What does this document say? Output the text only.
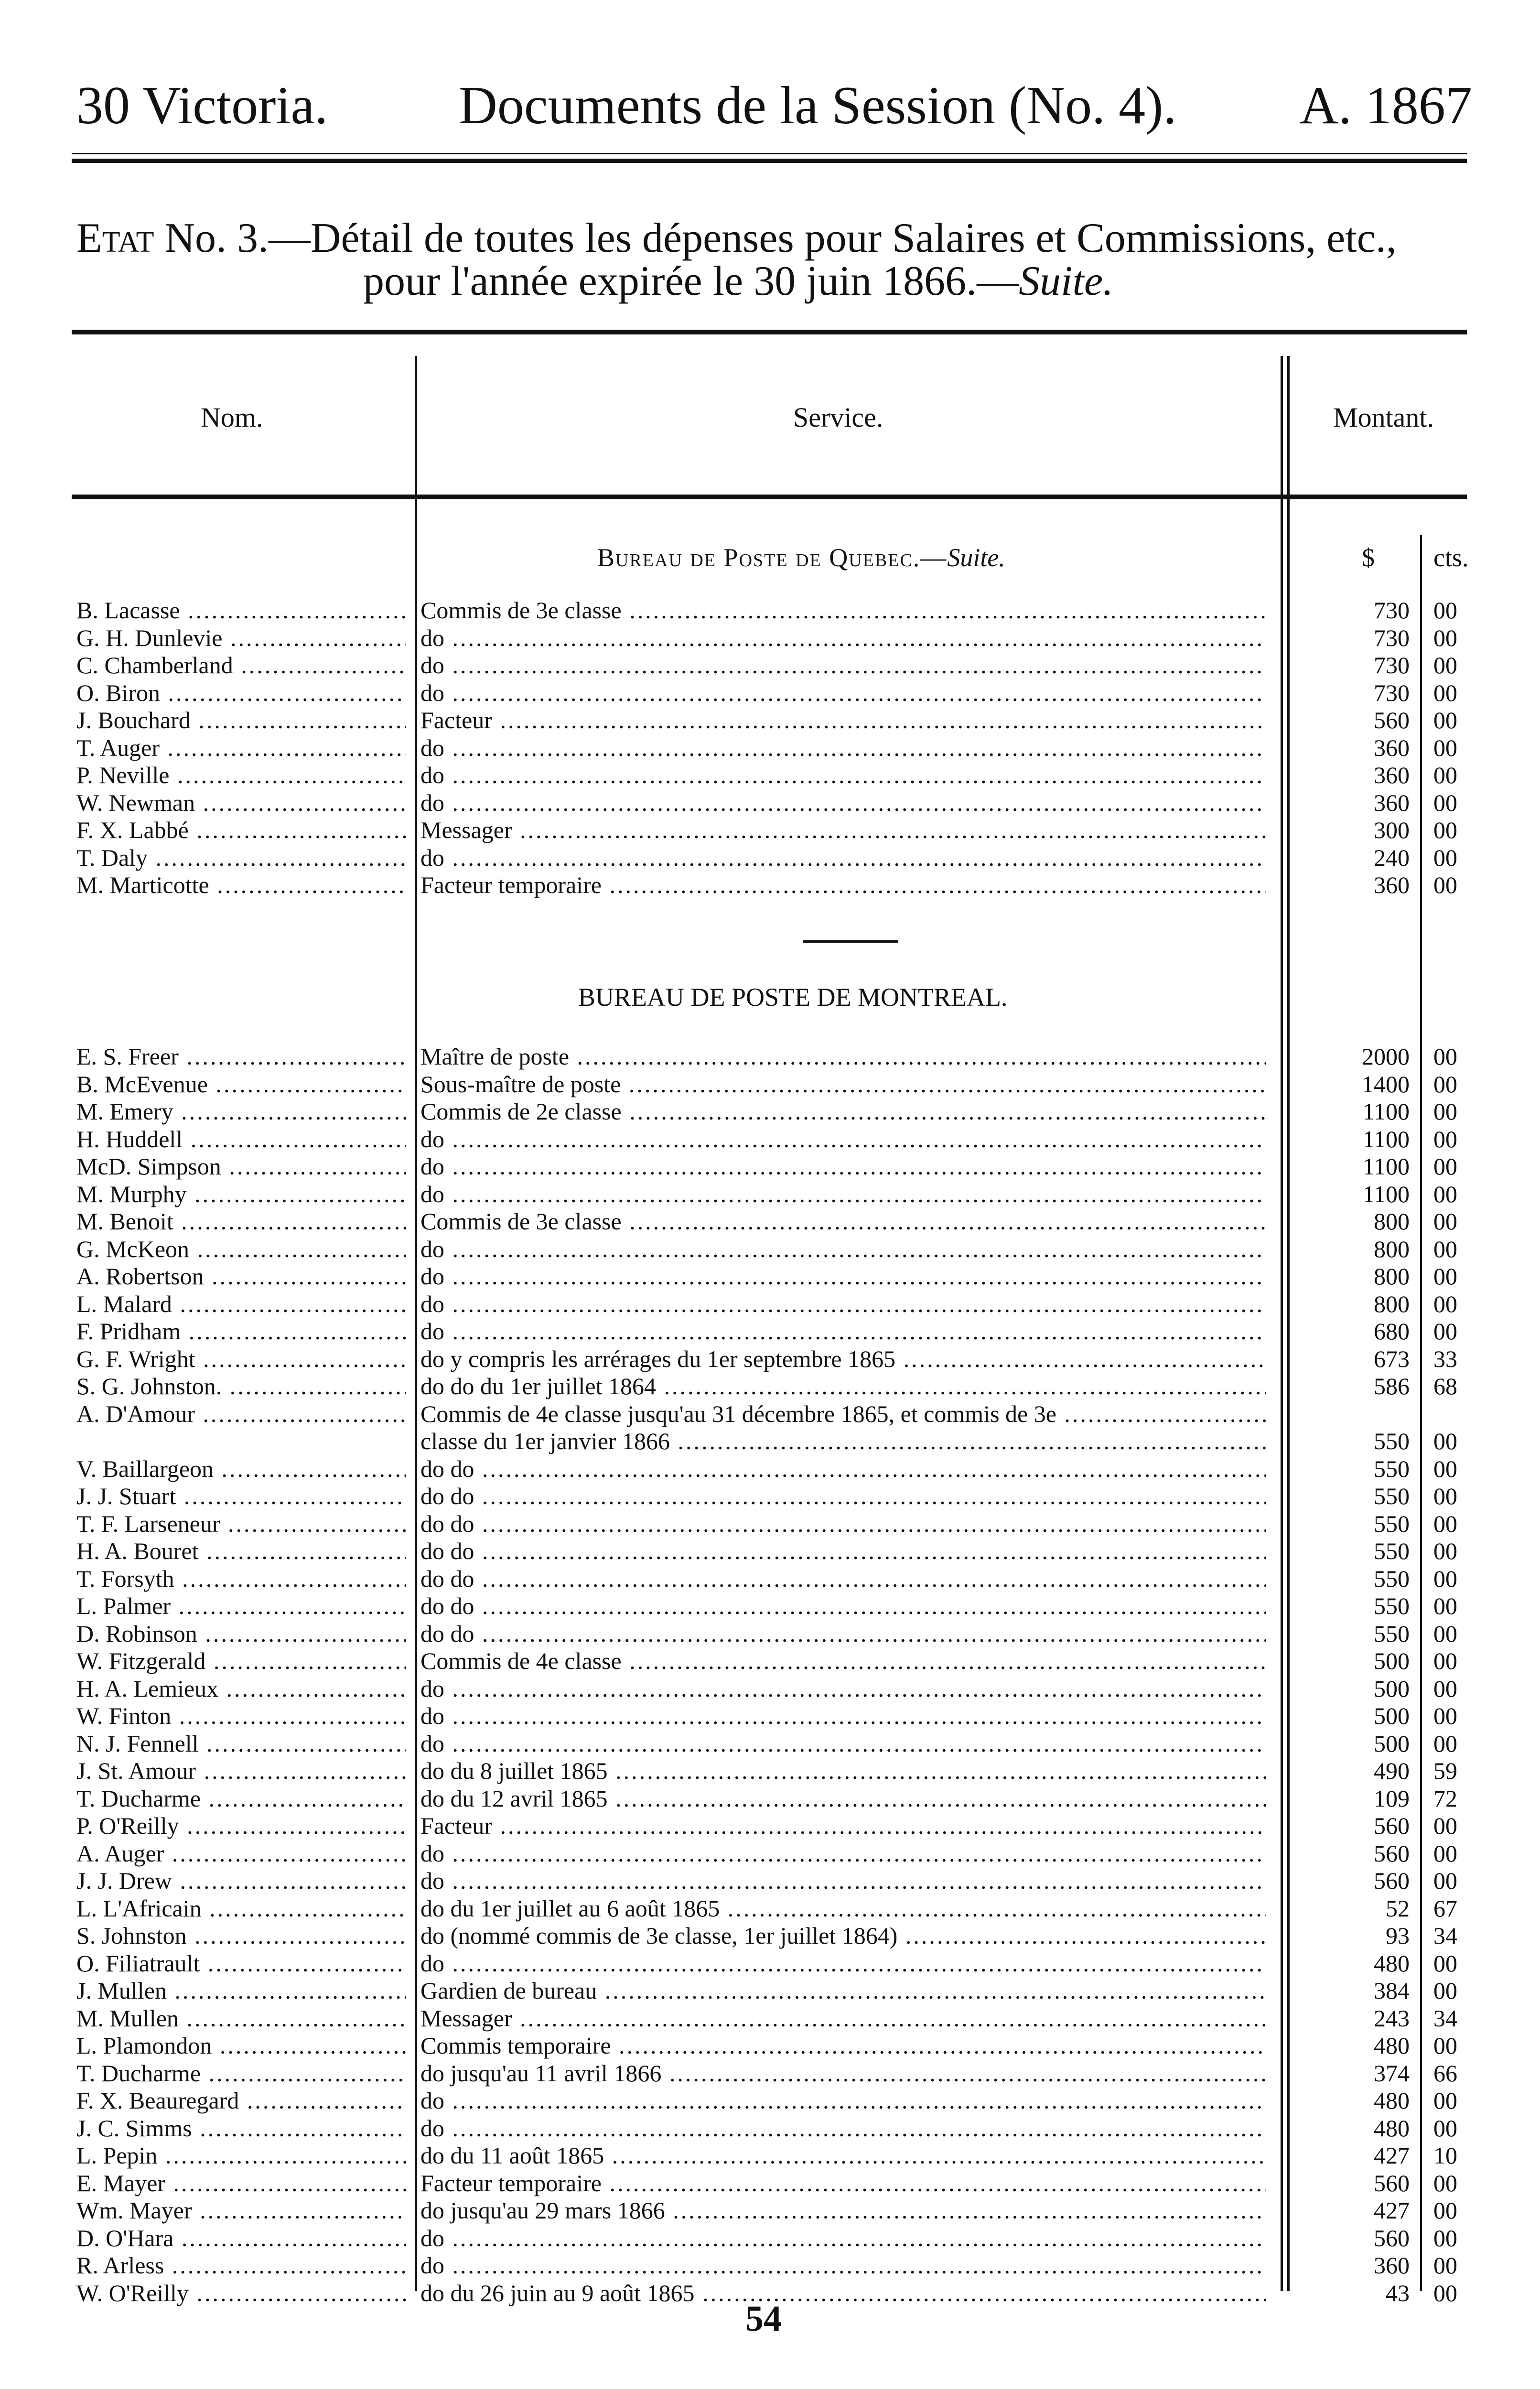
30 Victoria. Documents de la Session (No. 4). A. 1867
Etat No. 3.—Détail de toutes les dépenses pour Salaires et Commissions, etc.,
pour l'année expirée le 30 juin 1866.—Suite.
Nom.	Service.	Montant.
Bureau de Poste de Quebec.—Suite.	$ cts.
B. Lacasse .....	Commis de 3e classe .....	730 00
G. H. Dunlevie .....	do .....	730 00
C. Chamberland .....	do .....	730 00
O. Biron .....	do .....	730 00
J. Bouchard .....	Facteur .....	560 00
T. Auger .....	do .....	360 00
P. Neville .....	do .....	360 00
W. Newman .....	do .....	360 00
F. X. Labbé .....	Messager .....	300 00
T. Daly .....	do .....	240 00
M. Marticotte .....	Facteur temporaire .....	360 00
BUREAU DE POSTE DE MONTREAL.
E. S. Freer .....	Maître de poste .....	2000 00
B. McEvenue .....	Sous-maître de poste .....	1400 00
M. Emery .....	Commis de 2e classe .....	1100 00
H. Huddell .....	do .....	1100 00
McD. Simpson .....	do .....	1100 00
M. Murphy .....	do .....	1100 00
M. Benoit .....	Commis de 3e classe .....	800 00
G. McKeon .....	do .....	800 00
A. Robertson .....	do .....	800 00
L. Malard .....	do .....	800 00
F. Pridham .....	do .....	680 00
G. F. Wright .....	do y compris les arrérages du 1er septembre 1865 .....	673 33
S. G. Johnston. .....	do do du 1er juillet 1864 .....	586 68
A. D'Amour .....	Commis de 4e classe jusqu'au 31 décembre 1865, et commis de 3e .....
classe du 1er janvier 1866 .....	550 00
V. Baillargeon .....	do do .....	550 00
J. J. Stuart .....	do do .....	550 00
T. F. Larseneur .....	do do .....	550 00
H. A. Bouret .....	do do .....	550 00
T. Forsyth .....	do do .....	550 00
L. Palmer .....	do do .....	550 00
D. Robinson .....	do do .....	550 00
W. Fitzgerald .....	Commis de 4e classe .....	500 00
H. A. Lemieux .....	do .....	500 00
W. Finton .....	do .....	500 00
N. J. Fennell .....	do .....	500 00
J. St. Amour .....	do du 8 juillet 1865 .....	490 59
T. Ducharme .....	do du 12 avril 1865 .....	109 72
P. O'Reilly .....	Facteur .....	560 00
A. Auger .....	do .....	560 00
J. J. Drew .....	do .....	560 00
L. L'Africain .....	do du 1er juillet au 6 août 1865 .....	52 67
S. Johnston .....	do (nommé commis de 3e classe, 1er juillet 1864) .....	93 34
O. Filiatrault .....	do .....	480 00
J. Mullen .....	Gardien de bureau .....	384 00
M. Mullen .....	Messager .....	243 34
L. Plamondon .....	Commis temporaire .....	480 00
T. Ducharme .....	do jusqu'au 11 avril 1866 .....	374 66
F. X. Beauregard .....	do .....	480 00
J. C. Simms .....	do .....	480 00
L. Pepin .....	do du 11 août 1865 .....	427 10
E. Mayer .....	Facteur temporaire .....	560 00
Wm. Mayer .....	do jusqu'au 29 mars 1866 .....	427 00
D. O'Hara .....	do .....	560 00
R. Arless .....	do .....	360 00
W. O'Reilly .....	do du 26 juin au 9 août 1865 .....	43 00
54
